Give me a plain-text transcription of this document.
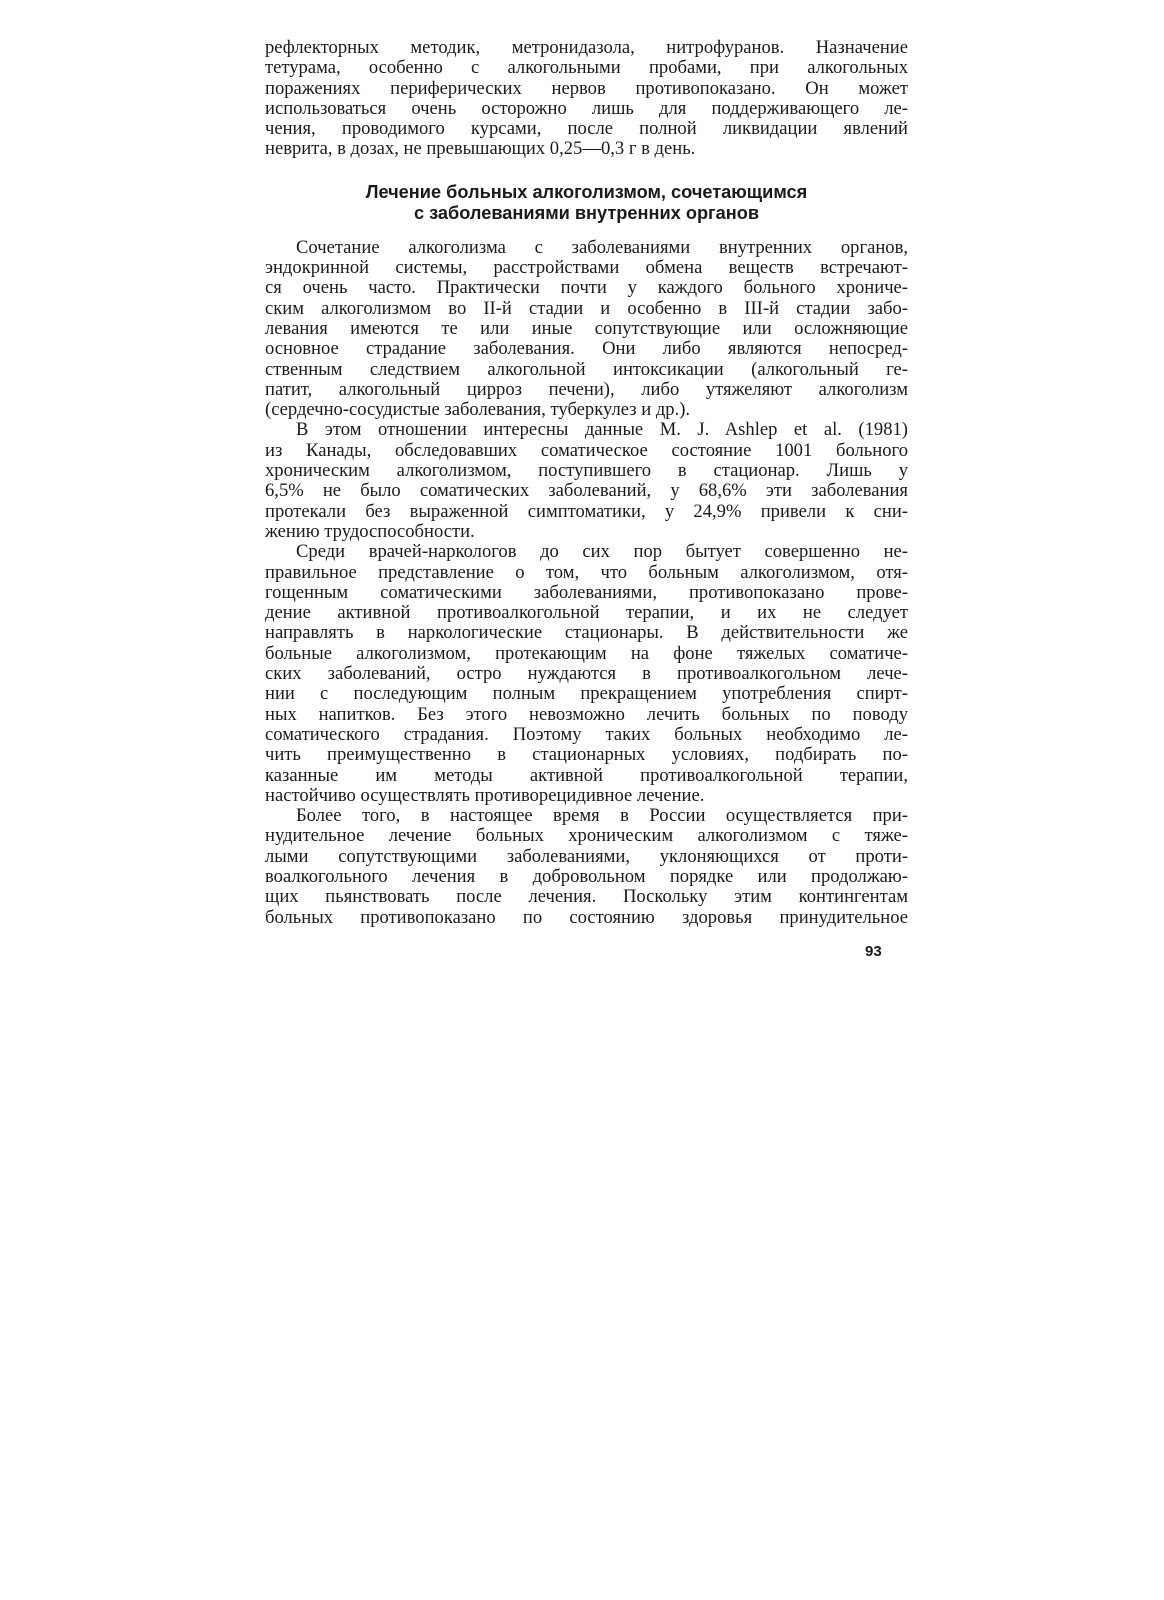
рефлекторных методик, метронидазола, нитрофуранов. Назначение
тетурама, особенно с алкогольными пробами, при алкогольных
поражениях периферических нервов противопоказано. Он может
использоваться очень осторожно лишь для поддерживающего ле-
чения, проводимого курсами, после полной ликвидации явлений
неврита, в дозах, не превышающих 0,25—0,3 г в день.
Лечение больных алкоголизмом, сочетающимся
с заболеваниями внутренних органов
Сочетание алкоголизма с заболеваниями внутренних органов,
эндокринной системы, расстройствами обмена веществ встречают-
ся очень часто. Практически почти у каждого больного хрониче-
ским алкоголизмом во II-й стадии и особенно в III-й стадии забо-
левания имеются те или иные сопутствующие или осложняющие
основное страдание заболевания. Они либо являются непосред-
ственным следствием алкогольной интоксикации (алкогольный ге-
патит, алкогольный цирроз печени), либо утяжеляют алкоголизм
(сердечно-сосудистые заболевания, туберкулез и др.).
В этом отношении интересны данные М. J. Ashlep et al. (1981)
из Канады, обследовавших соматическое состояние 1001 больного
хроническим алкоголизмом, поступившего в стационар. Лишь у
6,5% не было соматических заболеваний, у 68,6% эти заболевания
протекали без выраженной симптоматики, у 24,9% привели к сни-
жению трудоспособности.
Среди врачей-наркологов до сих пор бытует совершенно не-
правильное представление о том, что больным алкоголизмом, отя-
гощенным соматическими заболеваниями, противопоказано прове-
дение активной противоалкогольной терапии, и их не следует
направлять в наркологические стационары. В действительности же
больные алкоголизмом, протекающим на фоне тяжелых соматиче-
ских заболеваний, остро нуждаются в противоалкогольном лече-
нии с последующим полным прекращением употребления спирт-
ных напитков. Без этого невозможно лечить больных по поводу
соматического страдания. Поэтому таких больных необходимо ле-
чить преимущественно в стационарных условиях, подбирать по-
казанные им методы активной противоалкогольной терапии,
настойчиво осуществлять противорецидивное лечение.
Более того, в настоящее время в России осуществляется при-
нудительное лечение больных хроническим алкоголизмом с тяже-
лыми сопутствующими заболеваниями, уклоняющихся от проти-
воалкогольного лечения в добровольном порядке или продолжаю-
щих пьянствовать после лечения. Поскольку этим контингентам
больных противопоказано по состоянию здоровья принудительное
93
